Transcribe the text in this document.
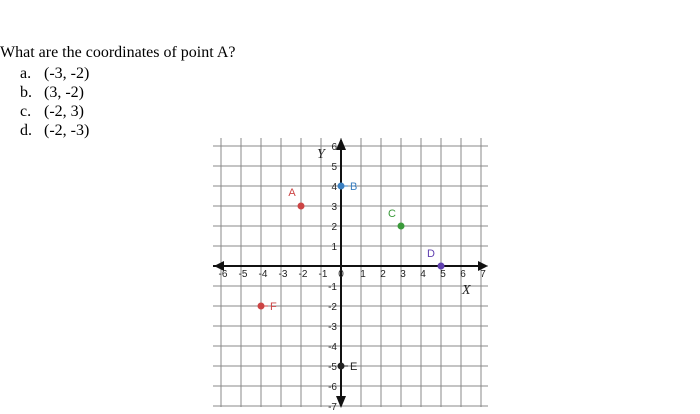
What are the coordinates of point A?
a. (-3, -2)
b. (3, -2)
c. (-2, 3)
d. (-2, -3)
-6 -5 -4 -3 -2 -1 0 1 2 3 4 5 6 7
6
5
4
3
2
1
-1
-2
-3
-4
-5
-6
-7
Y
X
A	B
C
D
E
F
